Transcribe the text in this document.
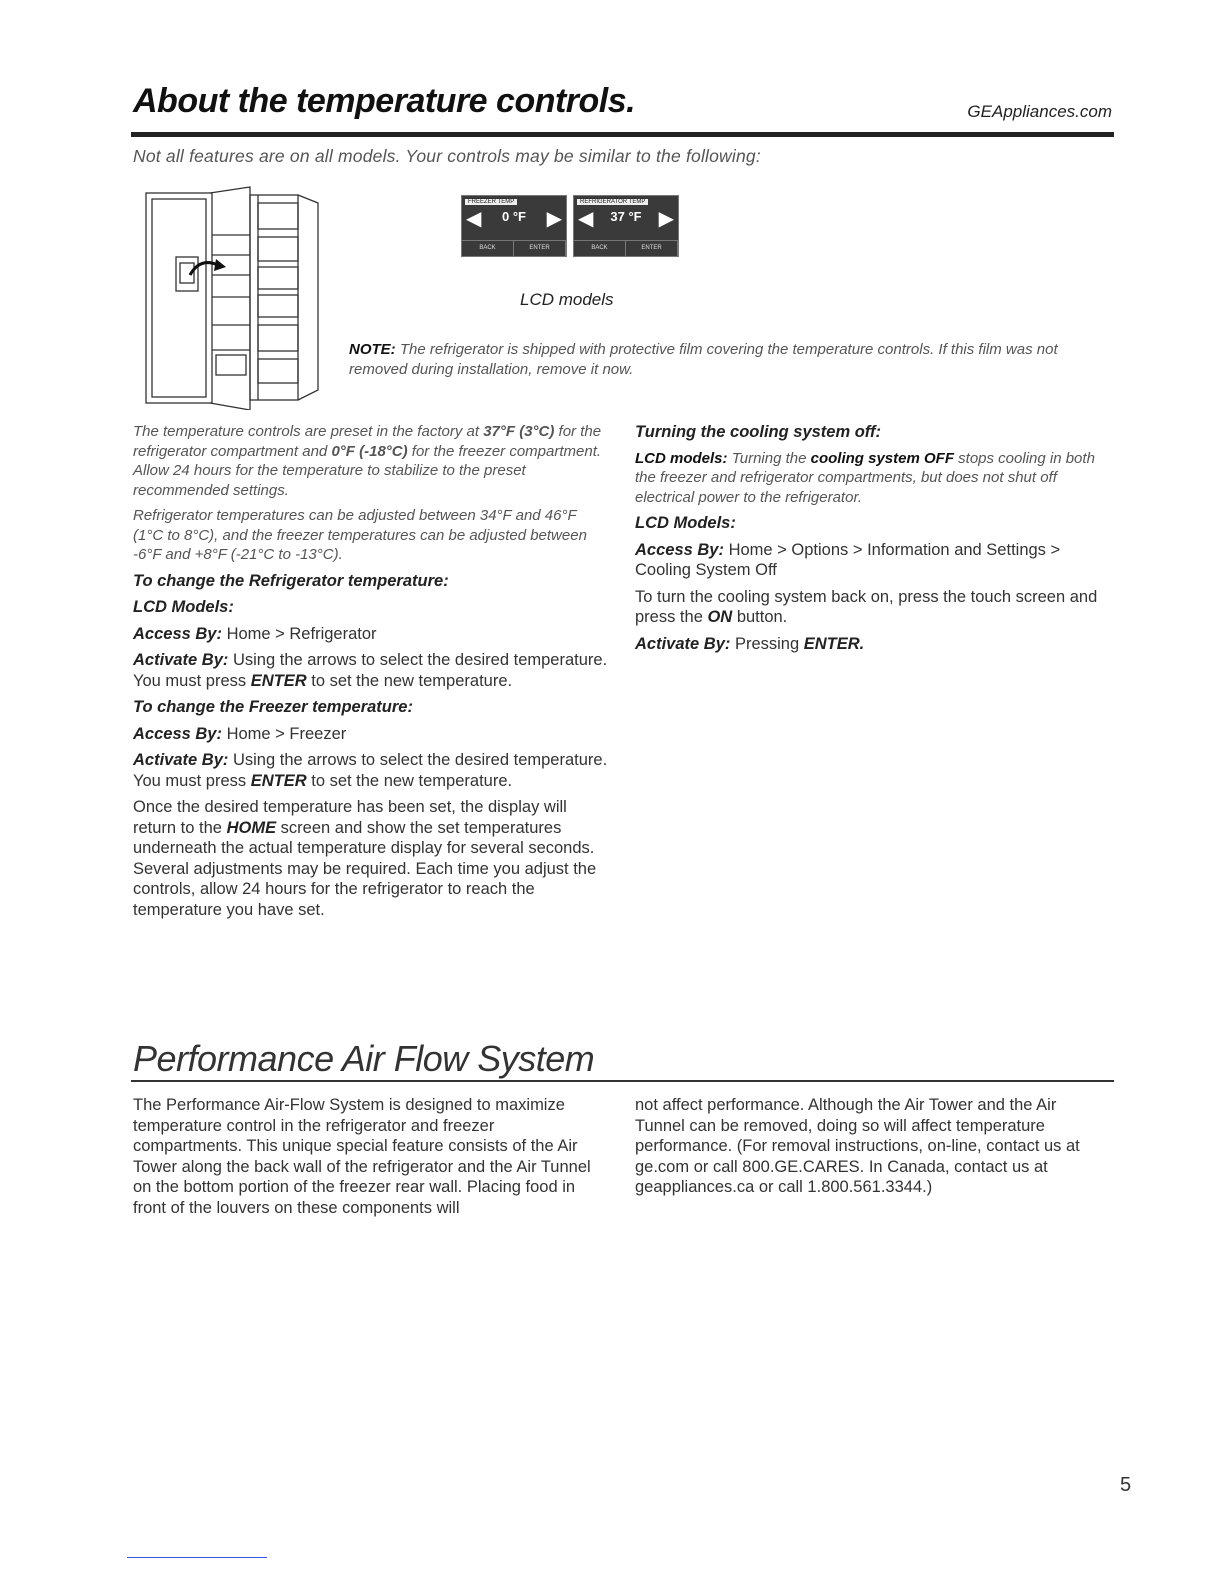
About the temperature controls.	GEAppliances.com
Not all features are on all models. Your controls may be similar to the following:
FREEZER TEMP
◀	0 °F	▶
BACK	ENTER
REFRIGERATOR TEMP
◀	37 °F ▶
BACK	ENTER
LCD models
NOTE: The refrigerator is shipped with protective film covering the temperature controls. If this film was not removed during installation, remove it now.

The temperature controls are preset in the factory at 37°F (3°C) for the refrigerator compartment and 0°F (-18°C) for the freezer compartment. Allow 24 hours for the temperature to stabilize to the preset recommended settings.

Refrigerator temperatures can be adjusted between 34°F and 46°F (1°C to 8°C), and the freezer temperatures can be adjusted between -6°F and +8°F (-21°C to -13°C).

To change the Refrigerator temperature:

LCD Models:

Access By: Home > Refrigerator

Activate By: Using the arrows to select the desired temperature. You must press ENTER to set the new temperature.

To change the Freezer temperature:

Access By: Home > Freezer

Activate By: Using the arrows to select the desired temperature. You must press ENTER to set the new temperature.

Once the desired temperature has been set, the display will return to the HOME screen and show the set temperatures underneath the actual temperature display for several seconds. Several adjustments may be required. Each time you adjust the controls, allow 24 hours for the refrigerator to reach the temperature you have set.

Turning the cooling system off:

LCD models: Turning the cooling system OFF stops cooling in both the freezer and refrigerator compartments, but does not shut off electrical power to the refrigerator.

LCD Models:

Access By: Home > Options > Information and Settings > Cooling System Off

To turn the cooling system back on, press the touch screen and press the ON button.

Activate By: Pressing ENTER.

Performance Air Flow System
The Performance Air-Flow System is designed to maximize temperature control in the refrigerator and freezer compartments. This unique special feature consists of the Air Tower along the back wall of the refrigerator and the Air Tunnel on the bottom portion of the freezer rear wall. Placing food in front of the louvers on these components will
not affect performance. Although the Air Tower and the Air Tunnel can be removed, doing so will affect temperature performance. (For removal instructions, on-line, contact us at ge.com or call 800.GE.CARES. In Canada, contact us at geappliances.ca or call 1.800.561.3344.)
5
